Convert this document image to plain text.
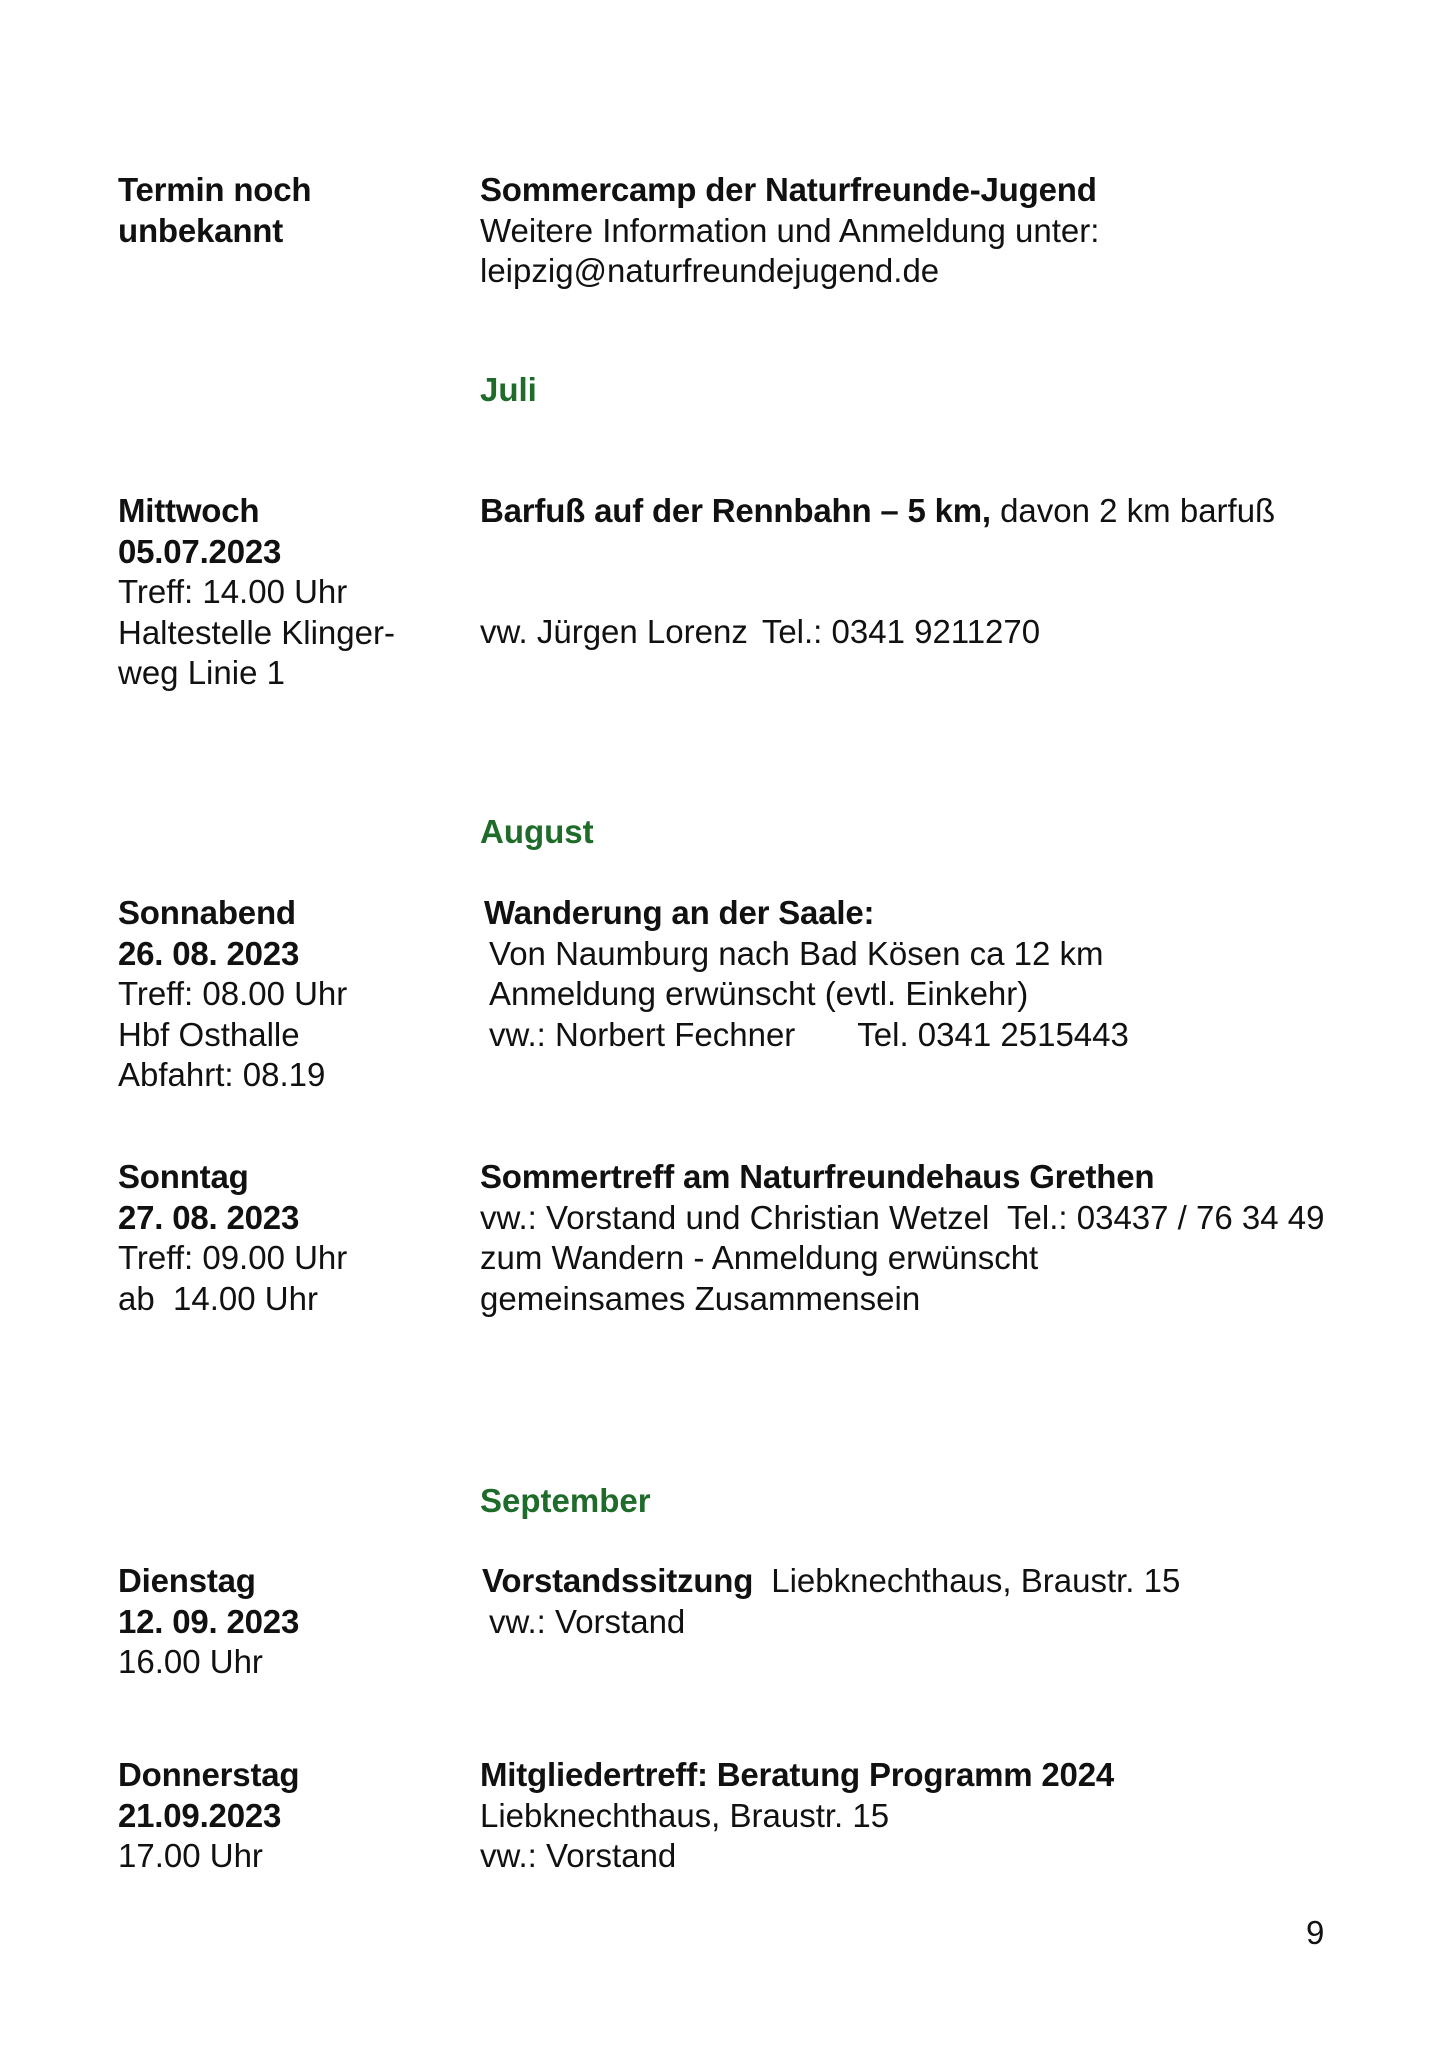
Termin noch
unbekannt
Sommercamp der Naturfreunde-Jugend
Weitere Information und Anmeldung unter:
leipzig@naturfreundejugend.de
Juli
Mittwoch
05.07.2023
Treff: 14.00 Uhr
Haltestelle Klinger-
weg Linie 1
Barfuß auf der Rennbahn – 5 km, davon 2 km barfuß
vw. Jürgen Lorenz Tel.: 0341 9211270
August
Sonnabend
26. 08. 2023
Treff: 08.00 Uhr
Hbf Osthalle
Abfahrt: 08.19
Wanderung an der Saale:
Von Naumburg nach Bad Kösen ca 12 km
Anmeldung erwünscht (evtl. Einkehr)
vw.: Norbert Fechner Tel. 0341 2515443
Sonntag
27. 08. 2023
Treff: 09.00 Uhr
ab  14.00 Uhr
Sommertreff am Naturfreundehaus Grethen
vw.: Vorstand und Christian Wetzel  Tel.: 03437 / 76 34 49
zum Wandern - Anmeldung erwünscht
gemeinsames Zusammensein
September
Dienstag
12. 09. 2023
16.00 Uhr
Vorstandssitzung Liebknechthaus, Braustr. 15
vw.: Vorstand
Donnerstag
21.09.2023
17.00 Uhr
Mitgliedertreff: Beratung Programm 2024
Liebknechthaus, Braustr. 15
vw.: Vorstand
9
